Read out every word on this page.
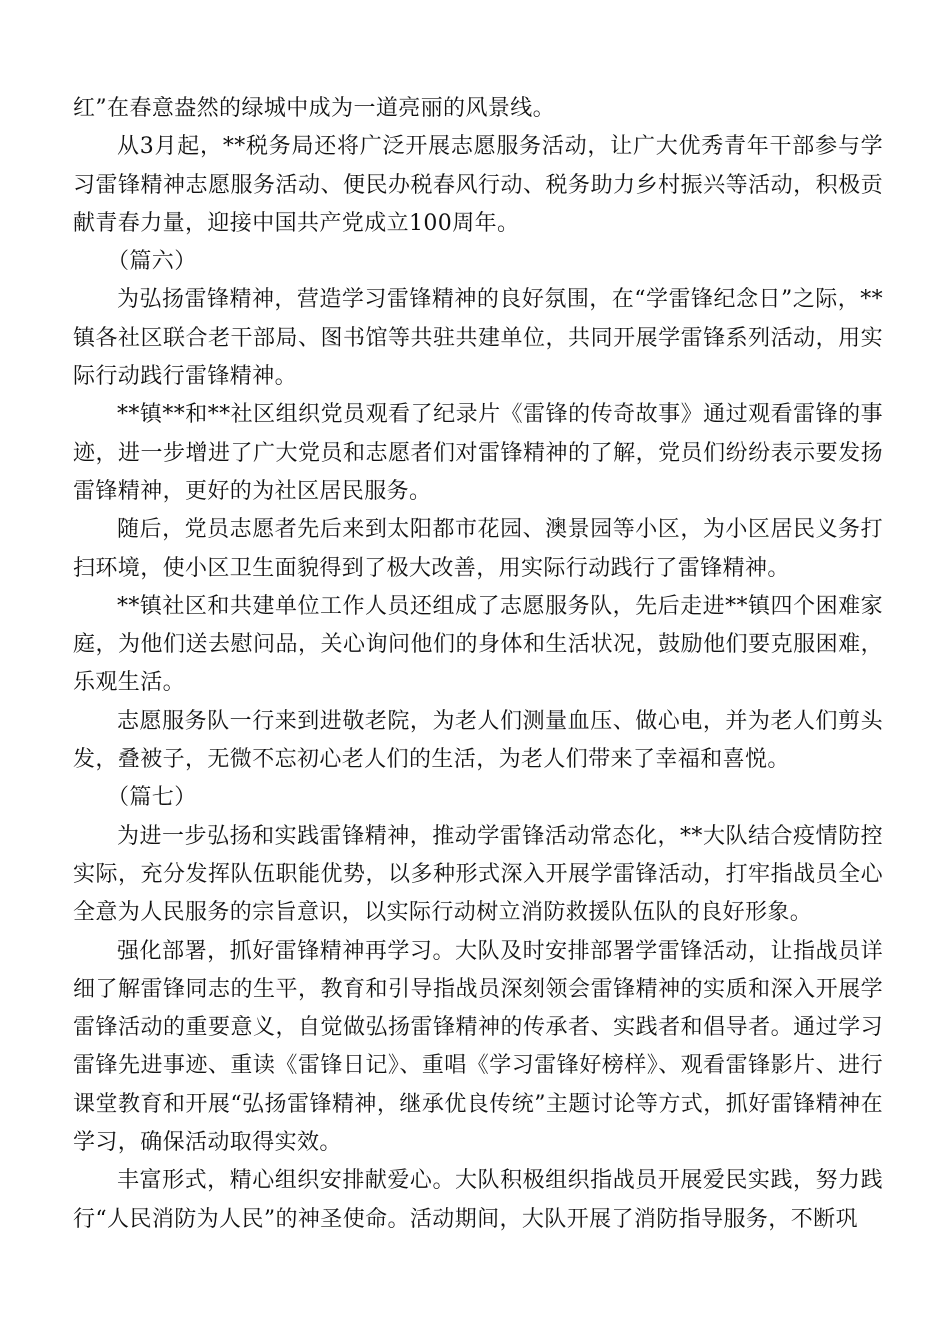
红”在春意盎然的绿城中成为一道亮丽的风景线。

从3月起，**税务局还将广泛开展志愿服务活动，让广大优秀青年干部参与学习雷锋精神志愿服务活动、便民办税春风行动、税务助力乡村振兴等活动，积极贡献青春力量，迎接中国共产党成立100周年。

（篇六）

为弘扬雷锋精神，营造学习雷锋精神的良好氛围，在“学雷锋纪念日”之际，**镇各社区联合老干部局、图书馆等共驻共建单位，共同开展学雷锋系列活动，用实际行动践行雷锋精神。

**镇**和**社区组织党员观看了纪录片《雷锋的传奇故事》通过观看雷锋的事迹，进一步增进了广大党员和志愿者们对雷锋精神的了解，党员们纷纷表示要发扬雷锋精神，更好的为社区居民服务。

随后，党员志愿者先后来到太阳都市花园、澳景园等小区，为小区居民义务打扫环境，使小区卫生面貌得到了极大改善，用实际行动践行了雷锋精神。

**镇社区和共建单位工作人员还组成了志愿服务队，先后走进**镇四个困难家庭，为他们送去慰问品，关心询问他们的身体和生活状况，鼓励他们要克服困难，乐观生活。

志愿服务队一行来到进敬老院，为老人们测量血压、做心电，并为老人们剪头发，叠被子，无微不忘初心老人们的生活，为老人们带来了幸福和喜悦。

（篇七）

为进一步弘扬和实践雷锋精神，推动学雷锋活动常态化，**大队结合疫情防控实际，充分发挥队伍职能优势，以多种形式深入开展学雷锋活动，打牢指战员全心全意为人民服务的宗旨意识，以实际行动树立消防救援队伍队的良好形象。

强化部署，抓好雷锋精神再学习。大队及时安排部署学雷锋活动，让指战员详细了解雷锋同志的生平，教育和引导指战员深刻领会雷锋精神的实质和深入开展学雷锋活动的重要意义，自觉做弘扬雷锋精神的传承者、实践者和倡导者。通过学习雷锋先进事迹、重读《雷锋日记》、重唱《学习雷锋好榜样》、观看雷锋影片、进行课堂教育和开展“弘扬雷锋精神，继承优良传统”主题讨论等方式，抓好雷锋精神在学习，确保活动取得实效。

丰富形式，精心组织安排献爱心。大队积极组织指战员开展爱民实践，努力践行“人民消防为人民”的神圣使命。活动期间，大队开展了消防指导服务，不断巩
